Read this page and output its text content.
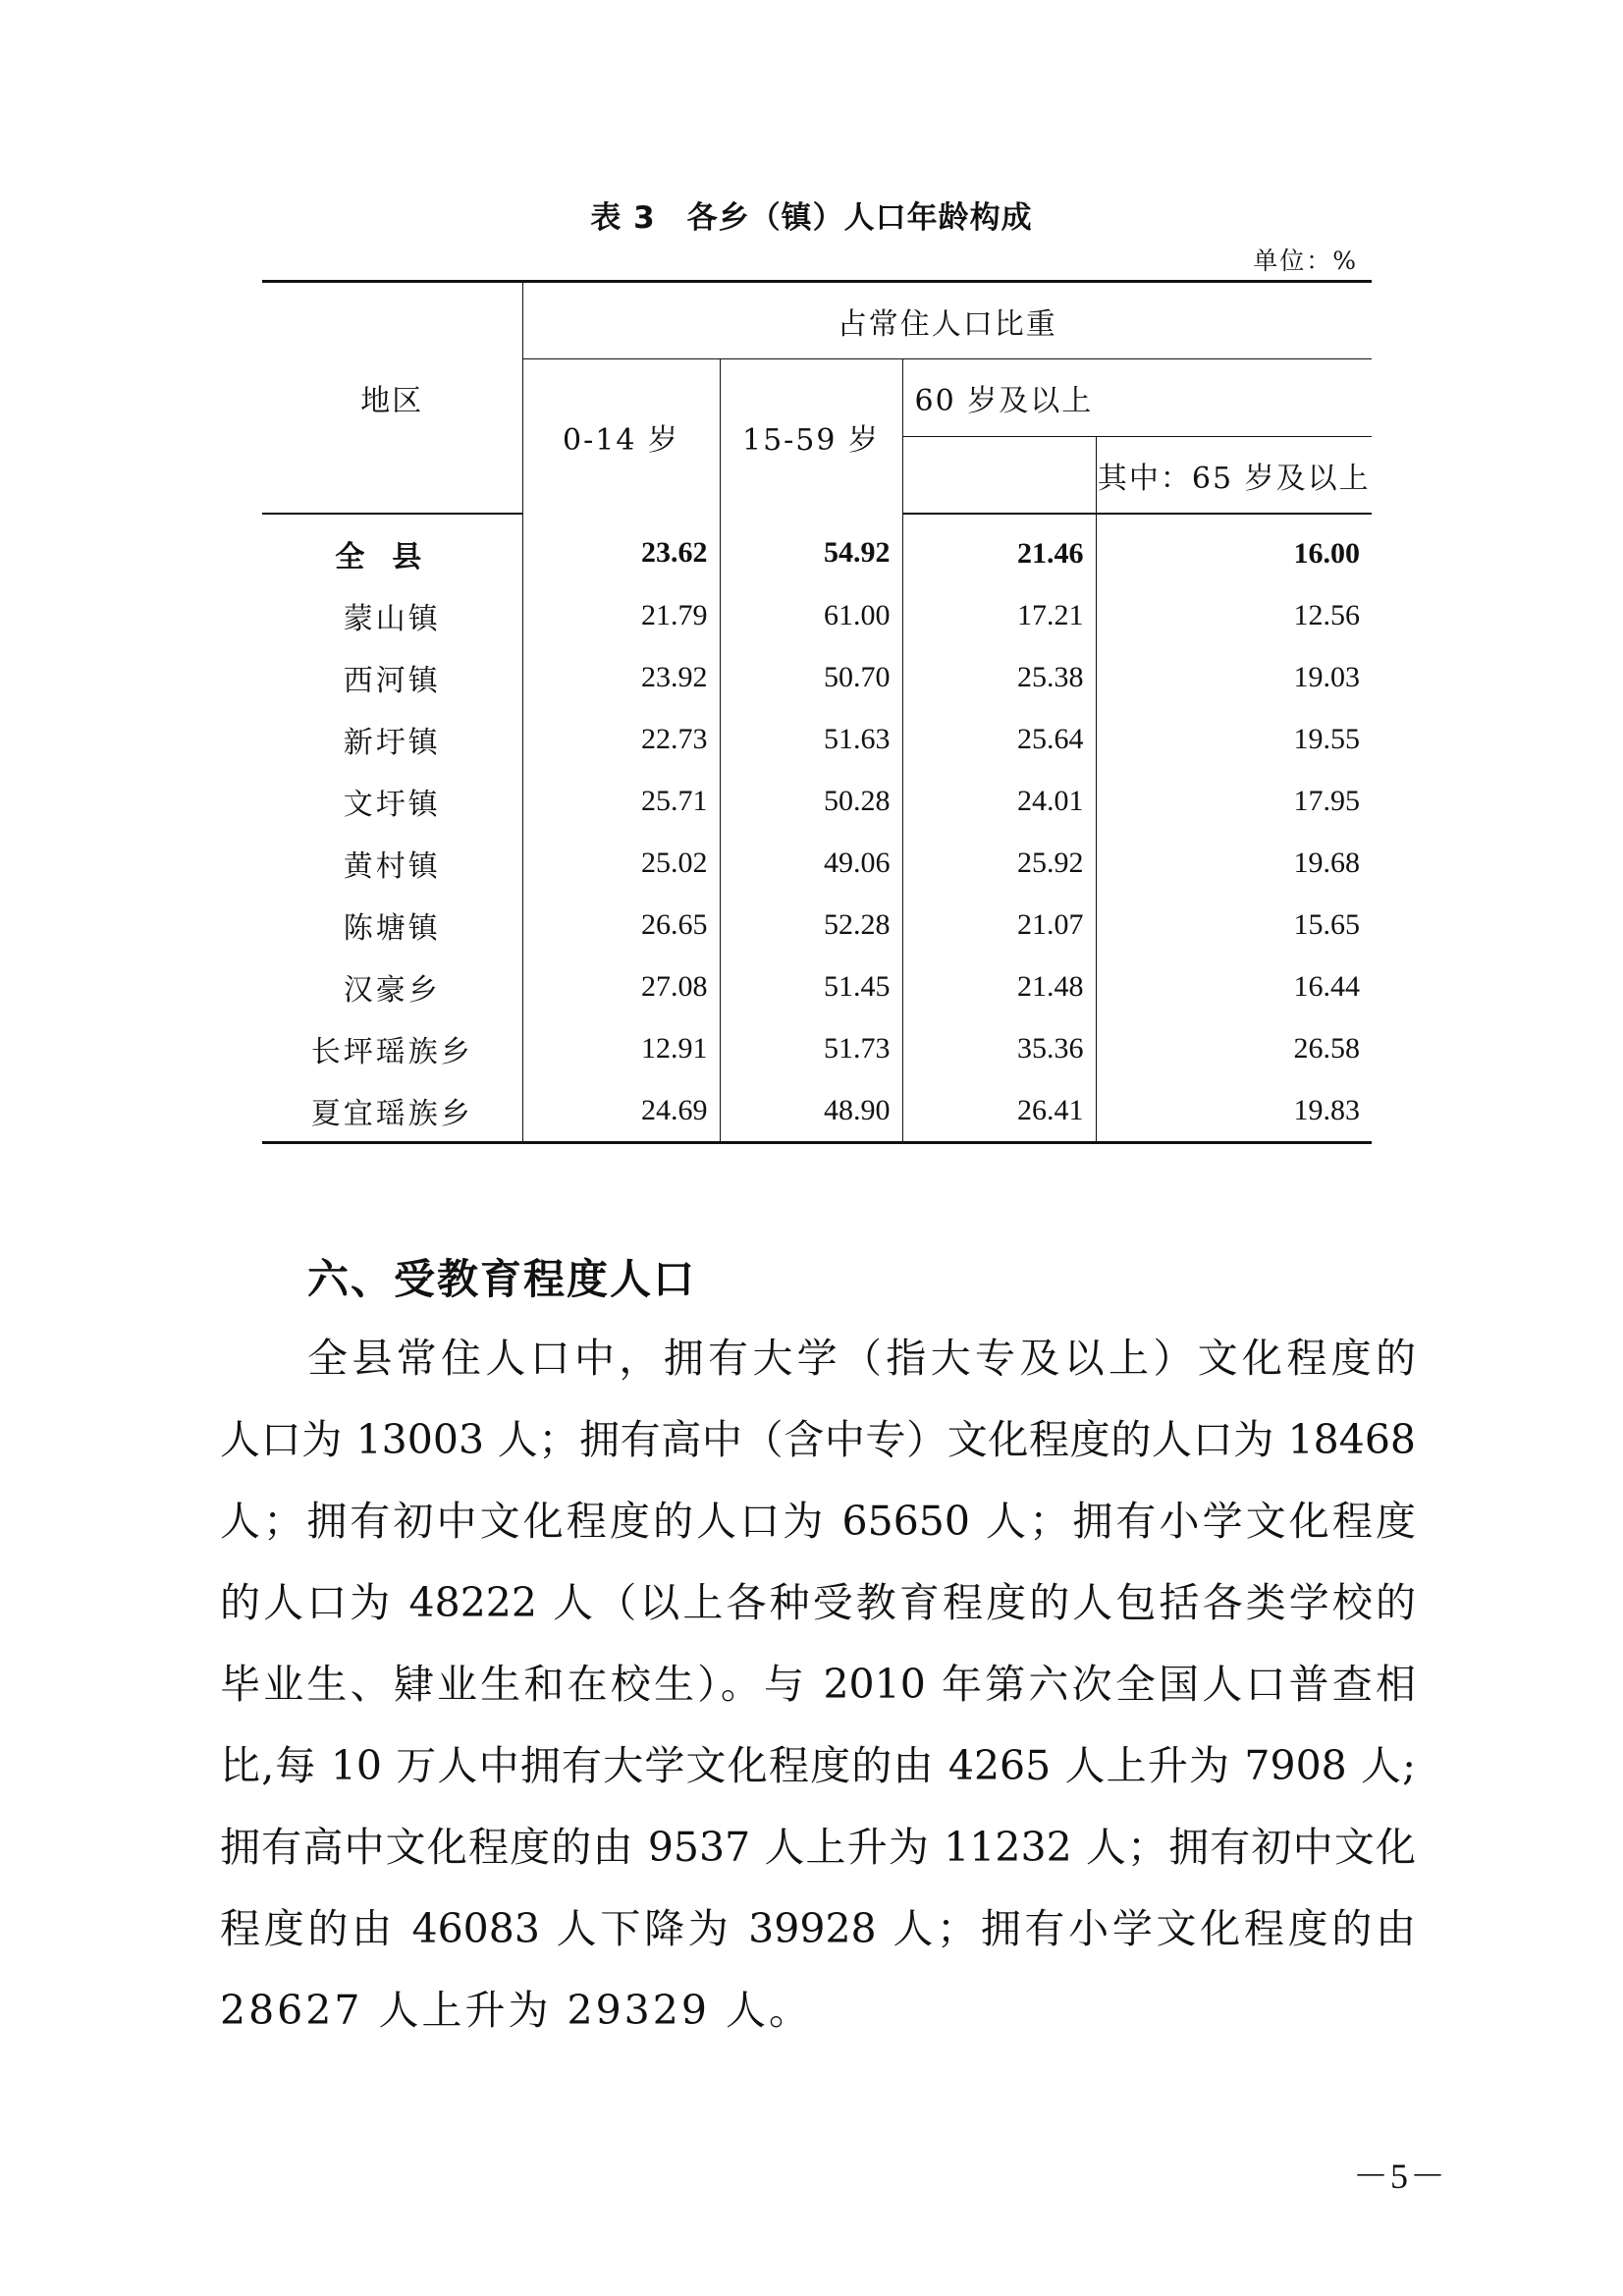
表 3　各乡（镇）人口年龄构成
单位：%
地区	占常住人口比重			
	0-14 岁	15-59 岁	60 岁及以上	
				其中：65 岁及以上
全县	23.62	54.92	21.46	16.00
蒙山镇	21.79	61.00	17.21	12.56
西河镇	23.92	50.70	25.38	19.03
新圩镇	22.73	51.63	25.64	19.55
文圩镇	25.71	50.28	24.01	17.95
黄村镇	25.02	49.06	25.92	19.68
陈塘镇	26.65	52.28	21.07	15.65
汉豪乡	27.08	51.45	21.48	16.44
长坪瑶族乡	12.91	51.73	35.36	26.58
夏宜瑶族乡	24.69	48.90	26.41	19.83
六、受教育程度人口
全县常住人口中，拥有大学（指大专及以上）文化程度的
人口为 13003 人；拥有高中（含中专）文化程度的人口为 18468
人；拥有初中文化程度的人口为 65650 人；拥有小学文化程度
的人口为 48222 人（以上各种受教育程度的人包括各类学校的
毕业生、肄业生和在校生）。与 2010 年第六次全国人口普查相
比,每 10 万人中拥有大学文化程度的由 4265 人上升为 7908 人;
拥有高中文化程度的由 9537 人上升为 11232 人；拥有初中文化
程度的由 46083 人下降为 39928 人；拥有小学文化程度的由
28627 人上升为 29329 人。
－5－
